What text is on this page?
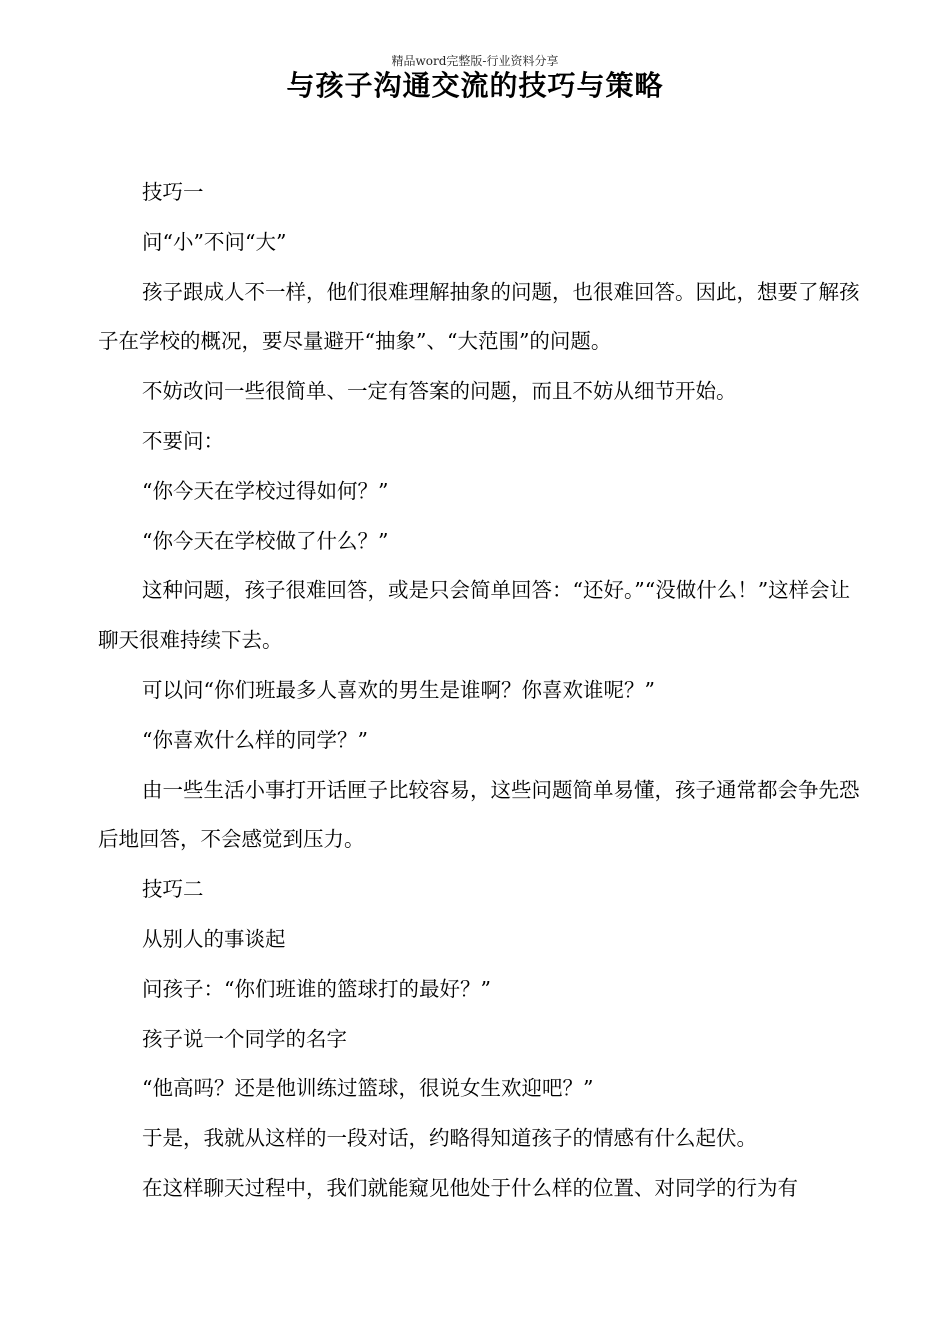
精品word完整版-行业资料分享
与孩子沟通交流的技巧与策略

技巧一

问“小”不问“大”

孩子跟成人不一样，他们很难理解抽象的问题，也很难回答。因此，想要了解孩子在学校的概况，要尽量避开“抽象”、“大范围”的问题。

不妨改问一些很简单、一定有答案的问题，而且不妨从细节开始。

不要问：

“你今天在学校过得如何？”

“你今天在学校做了什么？”

这种问题，孩子很难回答，或是只会简单回答：“还好。”“没做什么！”这样会让聊天很难持续下去。

可以问“你们班最多人喜欢的男生是谁啊？你喜欢谁呢？”

“你喜欢什么样的同学？”

由一些生活小事打开话匣子比较容易，这些问题简单易懂，孩子通常都会争先恐后地回答，不会感觉到压力。

技巧二

从别人的事谈起

问孩子：“你们班谁的篮球打的最好？”

孩子说一个同学的名字

“他高吗？还是他训练过篮球，很说女生欢迎吧？”

于是，我就从这样的一段对话，约略得知道孩子的情感有什么起伏。

在这样聊天过程中，我们就能窥见他处于什么样的位置、对同学的行为有
